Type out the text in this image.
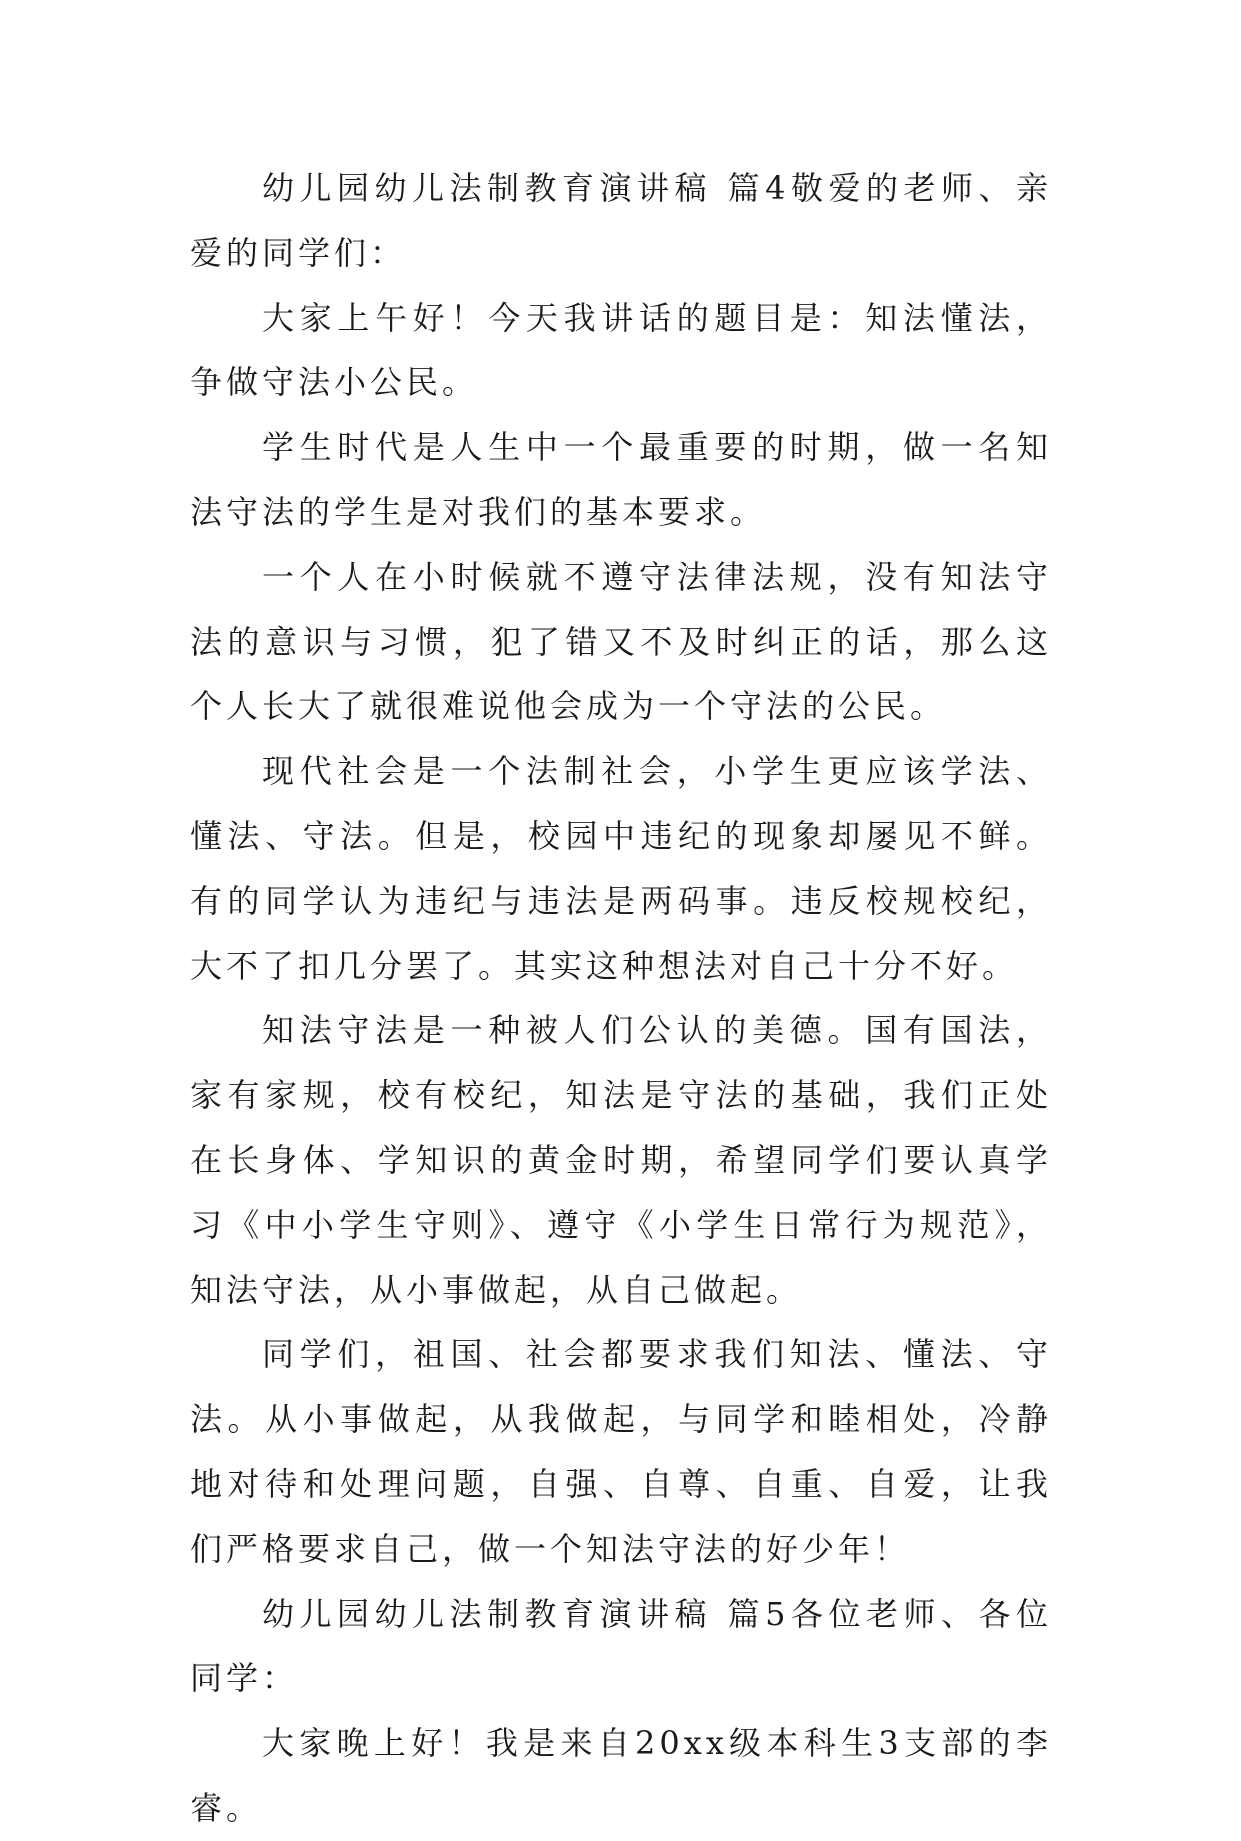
幼儿园幼儿法制教育演讲稿 篇4敬爱的老师、亲爱的同学们：

大家上午好！今天我讲话的题目是：知法懂法，争做守法小公民。

学生时代是人生中一个最重要的时期，做一名知法守法的学生是对我们的基本要求。

一个人在小时候就不遵守法律法规，没有知法守法的意识与习惯，犯了错又不及时纠正的话，那么这个人长大了就很难说他会成为一个守法的公民。

现代社会是一个法制社会，小学生更应该学法、懂法、守法。但是，校园中违纪的现象却屡见不鲜。有的同学认为违纪与违法是两码事。违反校规校纪，大不了扣几分罢了。其实这种想法对自己十分不好。

知法守法是一种被人们公认的美德。国有国法，家有家规，校有校纪，知法是守法的基础，我们正处在长身体、学知识的黄金时期，希望同学们要认真学习《中小学生守则》、遵守《小学生日常行为规范》，知法守法，从小事做起，从自己做起。

同学们，祖国、社会都要求我们知法、懂法、守法。从小事做起，从我做起，与同学和睦相处，冷静地对待和处理问题，自强、自尊、自重、自爱，让我们严格要求自己，做一个知法守法的好少年！

幼儿园幼儿法制教育演讲稿 篇5各位老师、各位同学：

大家晚上好！我是来自20xx级本科生3支部的李睿。
